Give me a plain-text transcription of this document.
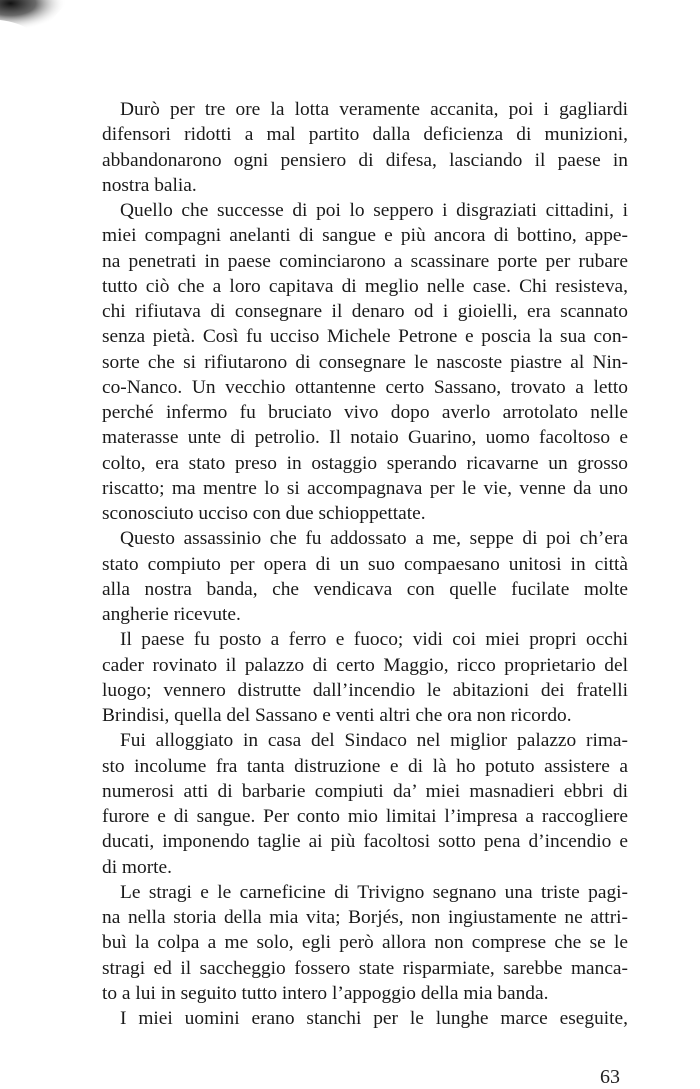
Durò per tre ore la lotta veramente accanita, poi i gagliardi
difensori ridotti a mal partito dalla deficienza di munizioni,
abbandonarono ogni pensiero di difesa, lasciando il paese in
nostra balia.
Quello che successe di poi lo seppero i disgraziati cittadini, i
miei compagni anelanti di sangue e più ancora di bottino, appe-
na penetrati in paese cominciarono a scassinare porte per rubare
tutto ciò che a loro capitava di meglio nelle case. Chi resisteva,
chi rifiutava di consegnare il denaro od i gioielli, era scannato
senza pietà. Così fu ucciso Michele Petrone e poscia la sua con-
sorte che si rifiutarono di consegnare le nascoste piastre al Nin-
co-Nanco. Un vecchio ottantenne certo Sassano, trovato a letto
perché infermo fu bruciato vivo dopo averlo arrotolato nelle
materasse unte di petrolio. Il notaio Guarino, uomo facoltoso e
colto, era stato preso in ostaggio sperando ricavarne un grosso
riscatto; ma mentre lo si accompagnava per le vie, venne da uno
sconosciuto ucciso con due schioppettate.
Questo assassinio che fu addossato a me, seppe di poi ch’era
stato compiuto per opera di un suo compaesano unitosi in città
alla nostra banda, che vendicava con quelle fucilate molte
angherie ricevute.
Il paese fu posto a ferro e fuoco; vidi coi miei propri occhi
cader rovinato il palazzo di certo Maggio, ricco proprietario del
luogo; vennero distrutte dall’incendio le abitazioni dei fratelli
Brindisi, quella del Sassano e venti altri che ora non ricordo.
Fui alloggiato in casa del Sindaco nel miglior palazzo rima-
sto incolume fra tanta distruzione e di là ho potuto assistere a
numerosi atti di barbarie compiuti da’ miei masnadieri ebbri di
furore e di sangue. Per conto mio limitai l’impresa a raccogliere
ducati, imponendo taglie ai più facoltosi sotto pena d’incendio e
di morte.
Le stragi e le carneficine di Trivigno segnano una triste pagi-
na nella storia della mia vita; Borjés, non ingiustamente ne attri-
buì la colpa a me solo, egli però allora non comprese che se le
stragi ed il saccheggio fossero state risparmiate, sarebbe manca-
to a lui in seguito tutto intero l’appoggio della mia banda.
I miei uomini erano stanchi per le lunghe marce eseguite,
63
